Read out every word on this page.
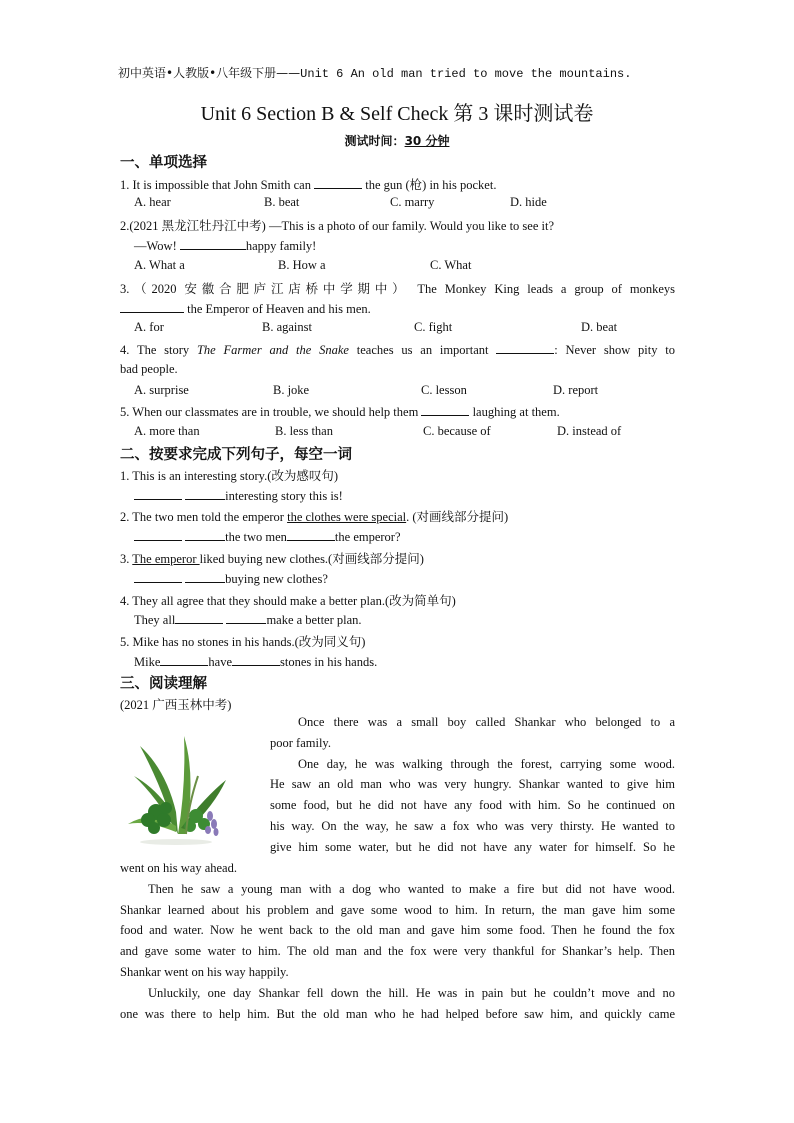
初中英语•人教版•八年级下册——Unit 6 An old man tried to move the mountains.
Unit 6 Section B & Self Check 第 3 课时测试卷
测试时间：30 分钟
一、单项选择
1. It is impossible that John Smith can	the gun (枪) in his pocket.
A. hear	B. beat	C. marry	D. hide
2.(2021 黑龙江牡丹江中考) —This is a photo of our family. Would you like to see it?
—Wow!	happy family!
A. What a	B. How a	C. What
3.（2020 安徽合肥庐江店桥中学期中） The Monkey King leads a group of monkeys
the Emperor of Heaven and his men.
A. for	B. against	C. fight	D. beat
4. The story The Farmer and the Snake teaches us an important	: Never show pity to
bad people.
A. surprise	B. joke	C. lesson	D. report
5. When our classmates are in trouble, we should help them	laughing at them.
A. more than	B. less than	C. because of	D. instead of
二、按要求完成下列句子，每空一词
1. This is an interesting story.(改为感叹句)
interesting story this is!
2. The two men told the emperor the clothes were special. (对画线部分提问)
the two men	the emperor?
3. The emperor liked buying new clothes.(对画线部分提问)
buying new clothes?
4. They all agree that they should make a better plan.(改为简单句)
They all	make a better plan.
5. Mike has no stones in his hands.(改为同义句)
Mike	have	stones in his hands.
三、阅读理解
(2021 广西玉林中考)
Once there was a small boy called Shankar who belonged to a
poor family.
One day, he was walking through the forest, carrying some wood.
He saw an old man who was very hungry. Shankar wanted to give him
some food, but he did not have any food with him. So he continued on
his way. On the way, he saw a fox who was very thirsty. He wanted to
give him some water, but he did not have any water for himself. So he
went on his way ahead.
Then he saw a young man with a dog who wanted to make a fire but did not have wood.
Shankar learned about his problem and gave some wood to him. In return, the man gave him some
food and water. Now he went back to the old man and gave him some food. Then he found the fox
and gave some water to him. The old man and the fox were very thankful for Shankar’s help. Then
Shankar went on his way happily.
Unluckily, one day Shankar fell down the hill. He was in pain but he couldn’t move and no
one was there to help him. But the old man who he had helped before saw him, and quickly came
